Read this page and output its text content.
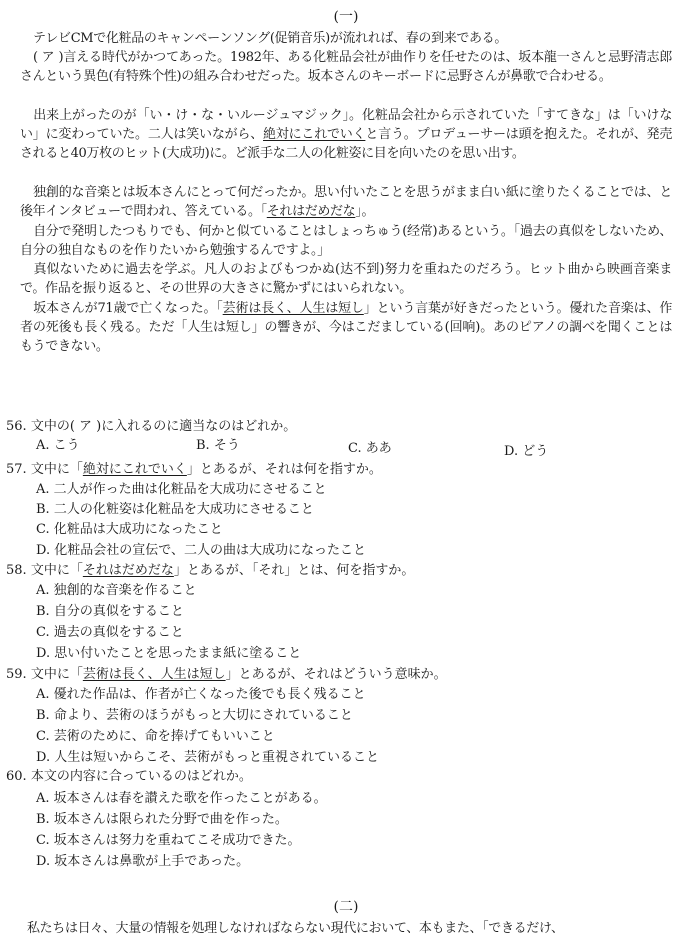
(一)
テレビCMで化粧品のキャンペーンソング(促销音乐)が流れれば、春の到来である。
( ア )言える時代がかつてあった。1982年、ある化粧品会社が曲作りを任せたのは、坂本龍一さんと忌野清志郎さんという異色(有特殊个性)の組み合わせだった。坂本さんのキーボードに忌野さんが鼻歌で合わせる。
出来上がったのが「い・け・な・いルージュマジック」。化粧品会社から示されていた「すてきな」は「いけない」に変わっていた。二人は笑いながら、絶対にこれでいくと言う。プロデューサーは頭を抱えた。それが、発売されると40万枚のヒット(大成功)に。ど派手な二人の化粧姿に目を向いたのを思い出す。
独創的な音楽とは坂本さんにとって何だったか。思い付いたことを思うがまま白い紙に塗りたくることでは、と後年インタビューで問われ、答えている。「それはだめだな」。
自分で発明したつもりでも、何かと似ていることはしょっちゅう(经常)あるという。「過去の真似をしないため、自分の独自なものを作りたいから勉強するんですよ。」
真似ないために過去を学ぶ。凡人のおよびもつかぬ(达不到)努力を重ねたのだろう。ヒット曲から映画音楽まで。作品を振り返ると、その世界の大きさに驚かずにはいられない。
坂本さんが71歳で亡くなった。「芸術は長く、人生は短し」という言葉が好きだったという。優れた音楽は、作者の死後も長く残る。ただ「人生は短し」の響きが、今はこだましている(回响)。あのピアノの調べを聞くことはもうできない。
56. 文中の( ア )に入れるのに適当なのはどれか。
A. こう	B. そう	C. ああ	D. どう
57. 文中に「絶対にこれでいく」とあるが、それは何を指すか。
A. 二人が作った曲は化粧品を大成功にさせること
B. 二人の化粧姿は化粧品を大成功にさせること
C. 化粧品は大成功になったこと
D. 化粧品会社の宣伝で、二人の曲は大成功になったこと
58. 文中に「それはだめだな」とあるが、「それ」とは、何を指すか。
A. 独創的な音楽を作ること
B. 自分の真似をすること
C. 過去の真似をすること
D. 思い付いたことを思ったまま紙に塗ること
59. 文中に「芸術は長く、人生は短し」とあるが、それはどういう意味か。
A. 優れた作品は、作者が亡くなった後でも長く残ること
B. 命より、芸術のほうがもっと大切にされていること
C. 芸術のために、命を捧げてもいいこと
D. 人生は短いからこそ、芸術がもっと重視されていること
60. 本文の内容に合っているのはどれか。
A. 坂本さんは春を讃えた歌を作ったことがある。
B. 坂本さんは限られた分野で曲を作った。
C. 坂本さんは努力を重ねてこそ成功できた。
D. 坂本さんは鼻歌が上手であった。
(二)
私たちは日々、大量の情報を処理しなければならない現代において、本もまた、「できるだけ、
